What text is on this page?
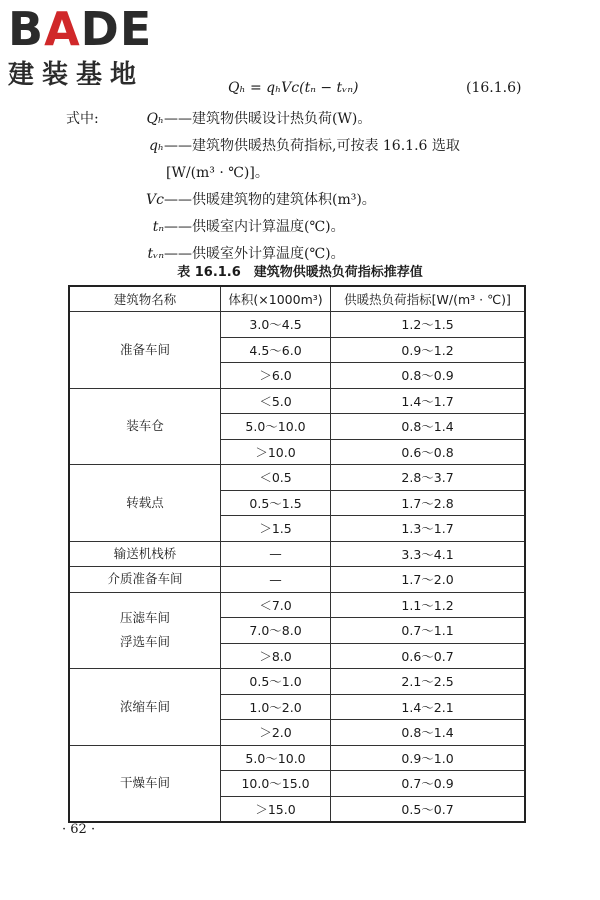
BADE
建装基地	Qₕ = qₕVc(tₙ − tᵥₙ)	(16.1.6)
式中:	Qₕ ——建筑物供暖设计热负荷(W)。
qₕ ——建筑物供暖热负荷指标,可按表 16.1.6 选取
[W/(m³ · ℃)]。
Vc ——供暖建筑物的建筑体积(m³)。
tₙ ——供暖室内计算温度(℃)。
tᵥₙ ——供暖室外计算温度(℃)。
表 16.1.6　建筑物供暖热负荷指标推荐值
建筑物名称	体积(×1000m³)	供暖热负荷指标[W/(m³ · ℃)]

准备车间	3.0～4.5	1.2～1.5
	4.5～6.0	0.9～1.2
	＞6.0	0.8～0.9

装车仓	＜5.0	1.4～1.7
	5.0～10.0	0.8～1.4
	＞10.0	0.6～0.8

转载点	＜0.5	2.8～3.7
	0.5～1.5	1.7～2.8
	＞1.5	1.3～1.7

输送机栈桥	—	3.3～4.1

介质准备车间	—	1.7～2.0

压滤车间
浮选车间	＜7.0	1.1～1.2
	7.0～8.0	0.7～1.1
	＞8.0	0.6～0.7

浓缩车间	0.5～1.0	2.1～2.5
	1.0～2.0	1.4～2.1
	＞2.0	0.8～1.4

干燥车间	5.0～10.0	0.9～1.0
	10.0～15.0	0.7～0.9
	＞15.0	0.5～0.7
· 62 ·
